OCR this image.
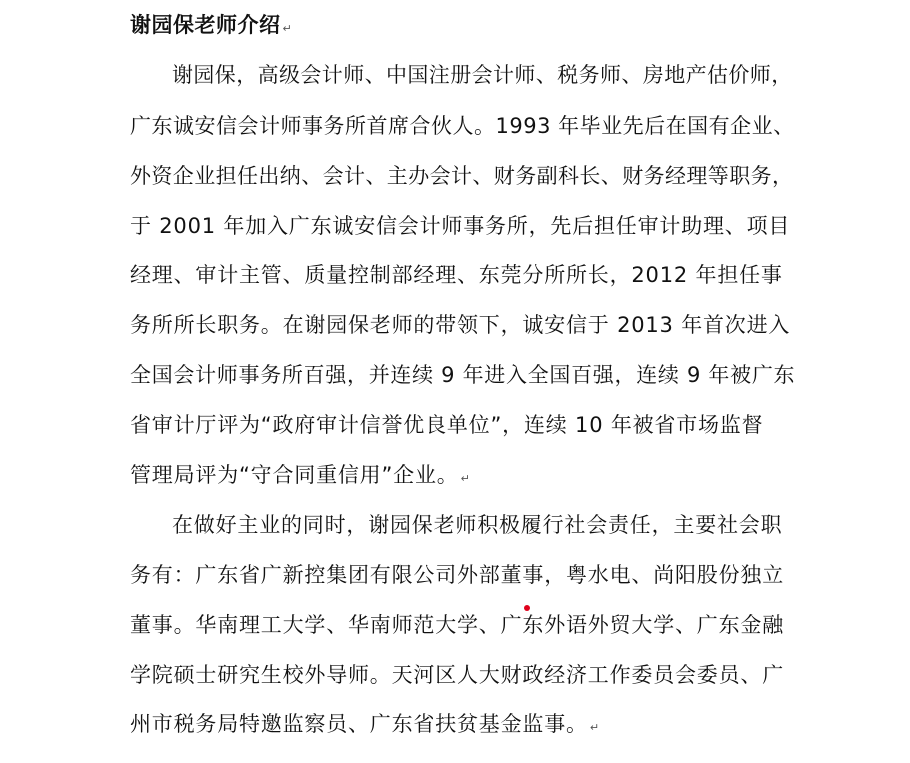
谢园保老师介绍 ↵
谢园保，高级会计师、中国注册会计师、税务师、房地产估价师，
广东诚安信会计师事务所首席合伙人。1993 年毕业先后在国有企业、
外资企业担任出纳、会计、主办会计、财务副科长、财务经理等职务，
于 2001 年加入广东诚安信会计师事务所，先后担任审计助理、项目
经理、审计主管、质量控制部经理、东莞分所所长，2012 年担任事
务所所长职务。在谢园保老师的带领下，诚安信于 2013 年首次进入
全国会计师事务所百强，并连续 9 年进入全国百强，连续 9 年被广东
省审计厅评为“政府审计信誉优良单位”，连续 10 年被省市场监督
管理局评为“守合同重信用”企业。 ↵
在做好主业的同时，谢园保老师积极履行社会责任，主要社会职
务有：广东省广新控集团有限公司外部董事，粤水电、尚阳股份独立
董事。华南理工大学、华南师范大学、广东外语外贸大学、广东金融
学院硕士研究生校外导师。天河区人大财政经济工作委员会委员、广
州市税务局特邀监察员、广东省扶贫基金监事。 ↵
